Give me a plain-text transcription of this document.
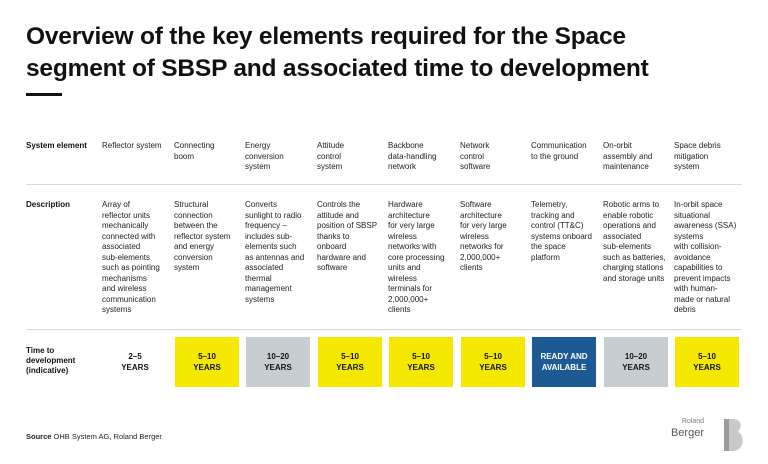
Overview of the key elements required for the Space segment of SBSP and associated time to development
System element
Description
Time to
development
(indicative)
Reflector system
Array of
reflector units
mechanically
connected with
associated
sub-elements
such as pointing
mechanisms
and wireless
communication
systems
2–5
YEARS
Connecting
boom
Structural
connection
between the
reflector system
and energy
conversion
system
5–10
YEARS
Energy
conversion
system
Converts
sunlight to radio
frequency –
includes sub-
elements such
as antennas and
associated
thermal
management
systems
10–20
YEARS
Attitude
control
system
Controls the
attitude and
position of SBSP
thanks to
onboard
hardware and
software
5–10
YEARS
Backbone
data-handling
network
Hardware
architecture
for very large
wireless
networks with
core processing
units and
wireless
terminals for
2,000,000+
clients
5–10
YEARS
Network
control
software
Software
architecture
for very large
wireless
networks for
2,000,000+
clients
5–10
YEARS
Communication
to the ground
Telemetry,
tracking and
control (TT&C)
systems onboard
the space
platform
READY AND
AVAILABLE
On-orbit
assembly and
maintenance
Robotic arms to
enable robotic
operations and
associated
sub-elements
such as batteries,
charging stations
and storage units
10–20
YEARS
Space debris
mitigation
system
In-orbit space
situational
awareness (SSA)
systems
with collision-
avoidance
capabilities to
prevent impacts
with human-
made or natural
debris
5–10
YEARS
Source OHB System AG, Roland Berger
Roland
Berger
